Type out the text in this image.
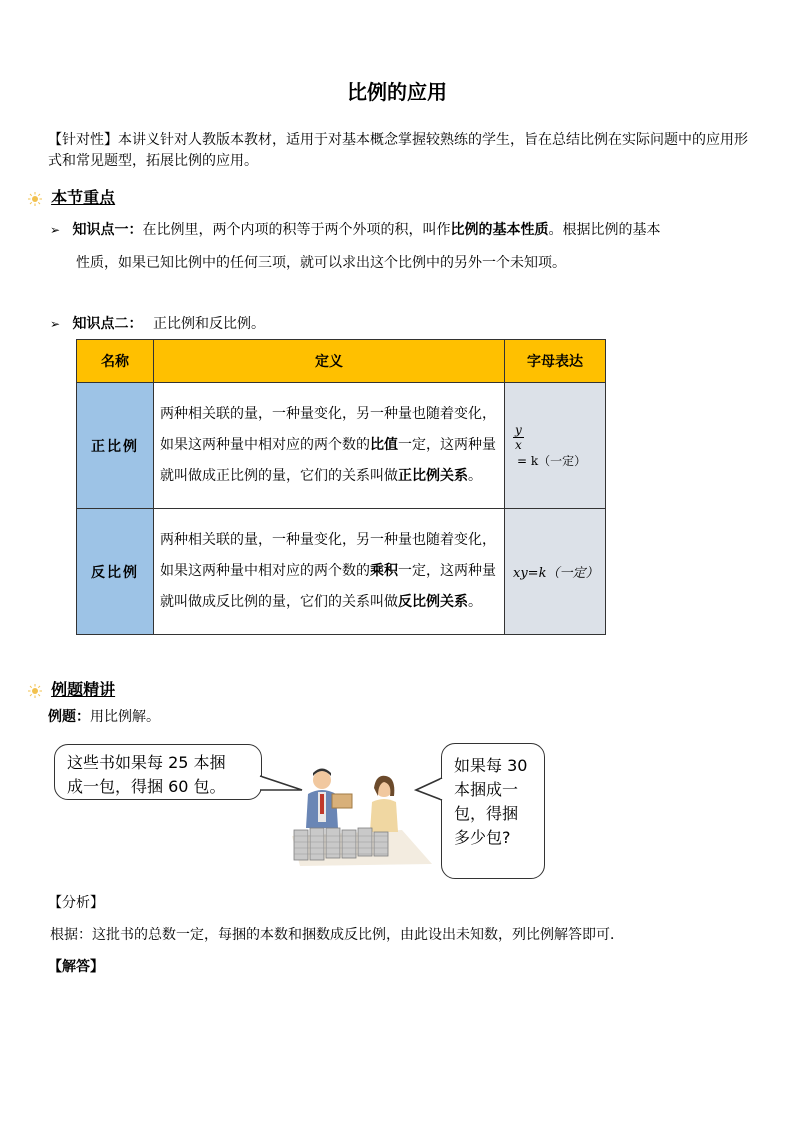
比例的应用
【针对性】本讲义针对人教版本教材，适用于对基本概念掌握较熟练的学生，旨在总结比例在实际问题中的应用形式和常见题型，拓展比例的应用。
本节重点
➢ 知识点一：在比例里，两个内项的积等于两个外项的积，叫作比例的基本性质。根据比例的基本
性质，如果已知比例中的任何三项，就可以求出这个比例中的另外一个未知项。
➢ 知识点二： 正比例和反比例。
名称	定义	字母表达
正比例	两种相关联的量，一种量变化，另一种量也随着变化，如果这两种量中相对应的两个数的比值一定，这两种量就叫做成正比例的量，它们的关系叫做正比例关系。	$\frac{y}{x}$
= k（一定）
反比例	两种相关联的量，一种量变化，另一种量也随着变化，如果这两种量中相对应的两个数的乘积一定，这两种量就叫做成反比例的量，它们的关系叫做反比例关系。	xy=k（一定）
例题精讲
例题：用比例解。
这些书如果每 25 本捆
成一包，得捆 60 包。
如果每 30
本捆成一
包，得捆
多少包?
【分析】
根据：这批书的总数一定，每捆的本数和捆数成反比例，由此设出未知数，列比例解答即可．
【解答】
